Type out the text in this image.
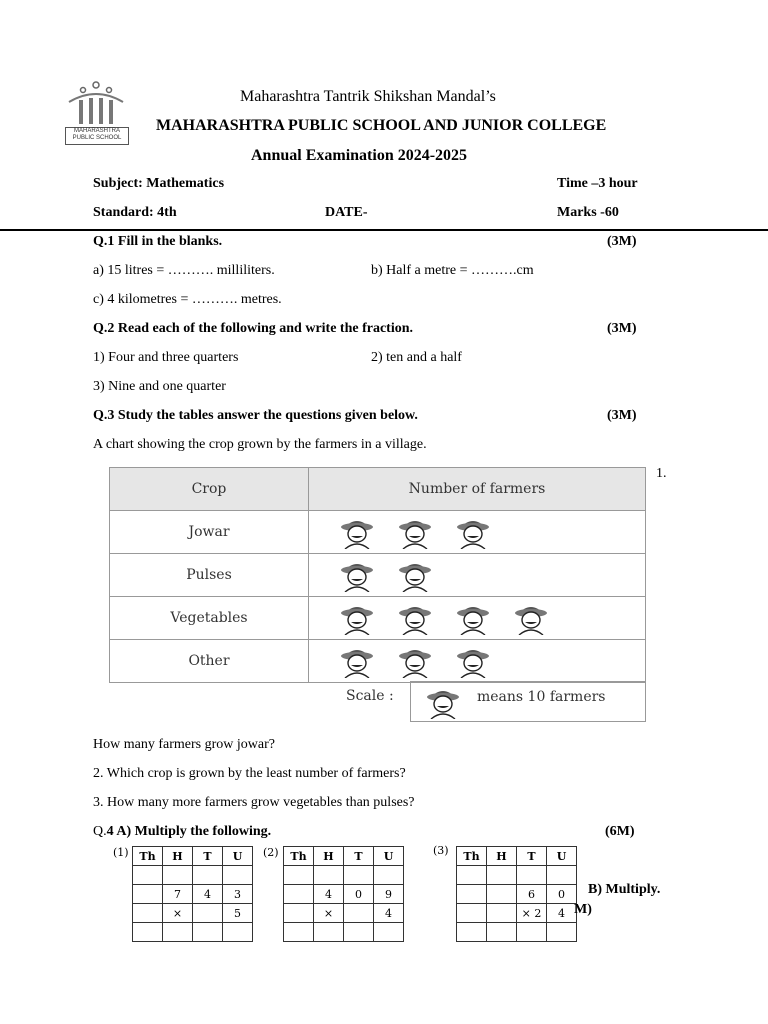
MAHARASHTRA
PUBLIC SCHOOL
Maharashtra Tantrik Shikshan Mandal’s
MAHARASHTRA PUBLIC SCHOOL AND JUNIOR COLLEGE
Annual Examination 2024-2025
Subject: Mathematics	Time –3 hour
Standard: 4th	DATE-	Marks -60
Q.1 Fill in the blanks.	(3M)
a) 15 litres = ………. milliliters.	b) Half a metre = ……….cm
c) 4 kilometres = ………. metres.
Q.2 Read each of the following and write the fraction.	(3M)
1) Four and three quarters	2) ten and a half
3) Nine and one quarter
Q.3 Study the tables answer the questions given below.	(3M)
A chart showing the crop grown by the farmers in a village.
1.
Crop	Number of farmers
Jowar	
Pulses	
Vegetables	
Other	
Scale :	means 10 farmers
How many farmers grow jowar?
2. Which crop is grown by the least number of farmers?
3. How many more farmers grow vegetables than pulses?
Q.4 A) Multiply the following.	(6M)
(1) Th	H	T	U

	7	4	3
	×		5

(2) Th	H	T	U

	4	0	9
	×		4

(3) Th	H	T	U

		6	0
		× 2	4

B) Multiply.
M)
